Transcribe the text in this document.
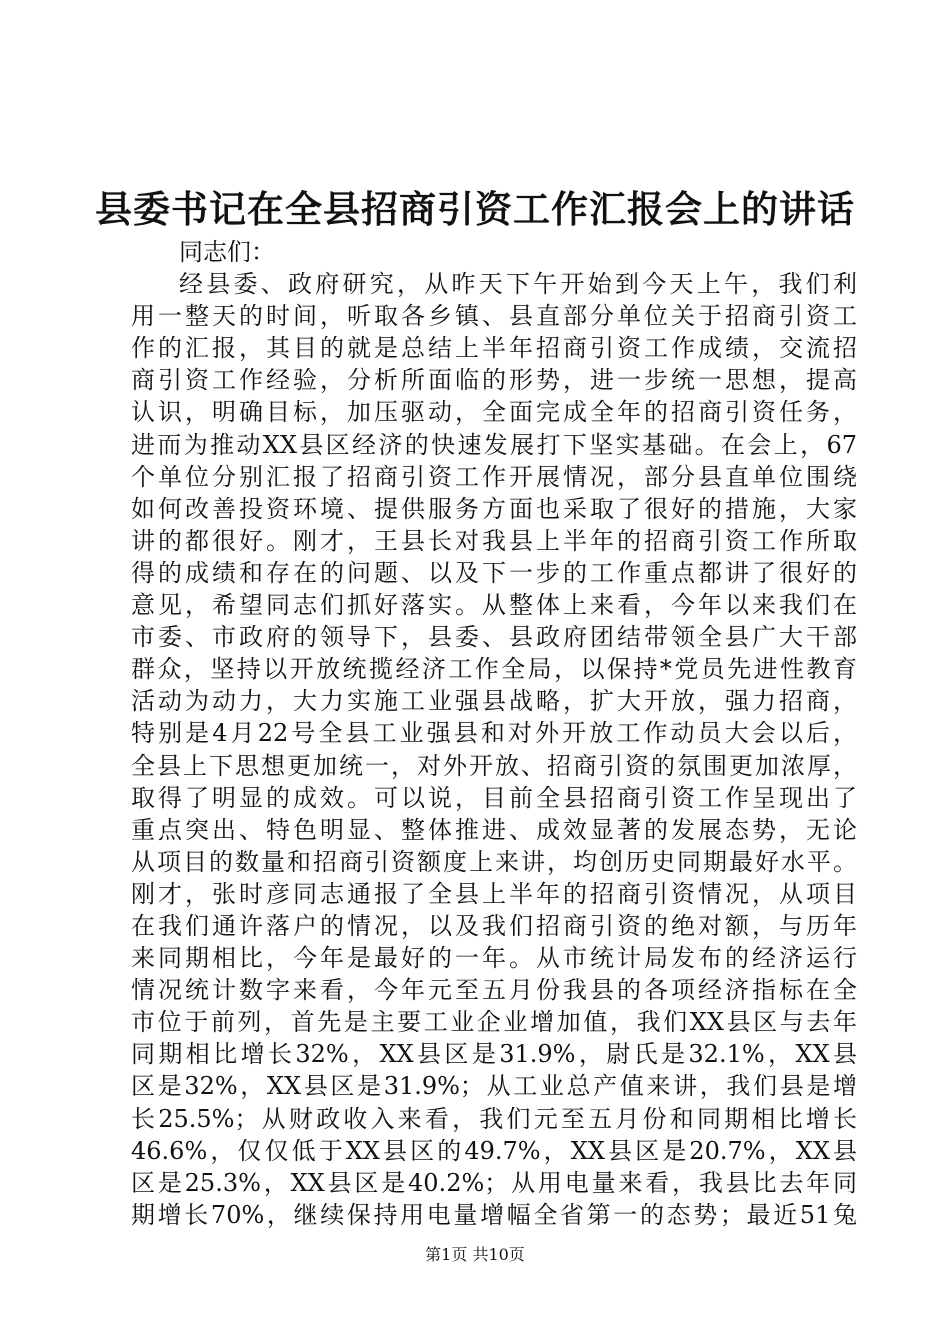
县委书记在全县招商引资工作汇报会上的讲话
同志们：
经县委、政府研究，从昨天下午开始到今天上午，我们利
用一整天的时间，听取各乡镇、县直部分单位关于招商引资工
作的汇报，其目的就是总结上半年招商引资工作成绩，交流招
商引资工作经验，分析所面临的形势，进一步统一思想，提高
认识，明确目标，加压驱动，全面完成全年的招商引资任务，
进而为推动XX县区经济的快速发展打下坚实基础。在会上，67
个单位分别汇报了招商引资工作开展情况，部分县直单位围绕
如何改善投资环境、提供服务方面也采取了很好的措施，大家
讲的都很好。刚才，王县长对我县上半年的招商引资工作所取
得的成绩和存在的问题、以及下一步的工作重点都讲了很好的
意见，希望同志们抓好落实。从整体上来看，今年以来我们在
市委、市政府的领导下，县委、县政府团结带领全县广大干部
群众，坚持以开放统揽经济工作全局，以保持*党员先进性教育
活动为动力，大力实施工业强县战略，扩大开放，强力招商，
特别是4月22号全县工业强县和对外开放工作动员大会以后，
全县上下思想更加统一，对外开放、招商引资的氛围更加浓厚，
取得了明显的成效。可以说，目前全县招商引资工作呈现出了
重点突出、特色明显、整体推进、成效显著的发展态势，无论
从项目的数量和招商引资额度上来讲，均创历史同期最好水平。
刚才，张时彦同志通报了全县上半年的招商引资情况，从项目
在我们通许落户的情况，以及我们招商引资的绝对额，与历年
来同期相比，今年是最好的一年。从市统计局发布的经济运行
情况统计数字来看，今年元至五月份我县的各项经济指标在全
市位于前列，首先是主要工业企业增加值，我们XX县区与去年
同期相比增长32%，XX县区是31.9%，尉氏是32.1%，XX县
区是32%，XX县区是31.9%；从工业总产值来讲，我们县是增
长25.5%；从财政收入来看，我们元至五月份和同期相比增长
46.6%，仅仅低于XX县区的49.7%，XX县区是20.7%，XX县
区是25.3%，XX县区是40.2%；从用电量来看，我县比去年同
期增长70%，继续保持用电量增幅全省第一的态势；最近51兔
第1页 共10页
